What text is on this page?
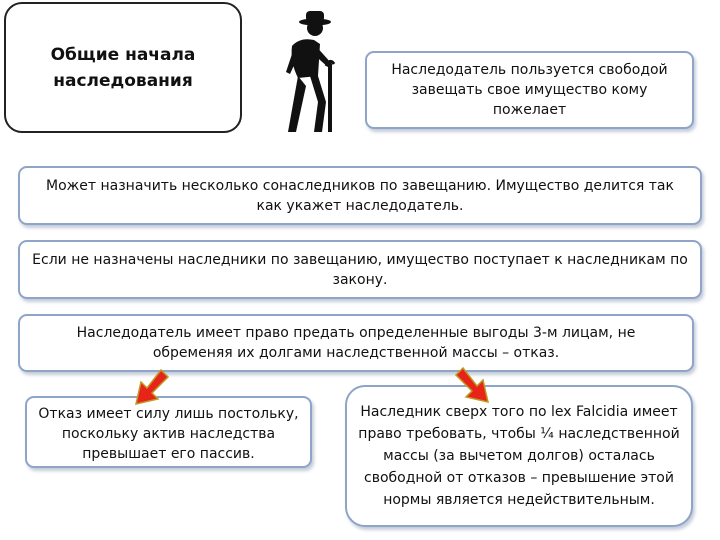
Общие начала наследования
Наследодатель пользуется свободой завещать свое имущество кому пожелает
Может назначить несколько сонаследников по завещанию. Имущество делится так как укажет наследодатель.
Если не назначены наследники по завещанию, имущество поступает к наследникам по закону.
Наследодатель имеет право предать определенные выгоды 3-м лицам, не обременяя их долгами наследственной массы – отказ.
Отказ имеет силу лишь постольку, поскольку актив наследства превышает его пассив.
Наследник сверх того по lex Falcidia имеет право требовать, чтобы ¼ наследственной массы (за вычетом долгов) осталась свободной от отказов – превышение этой нормы является недействительным.
